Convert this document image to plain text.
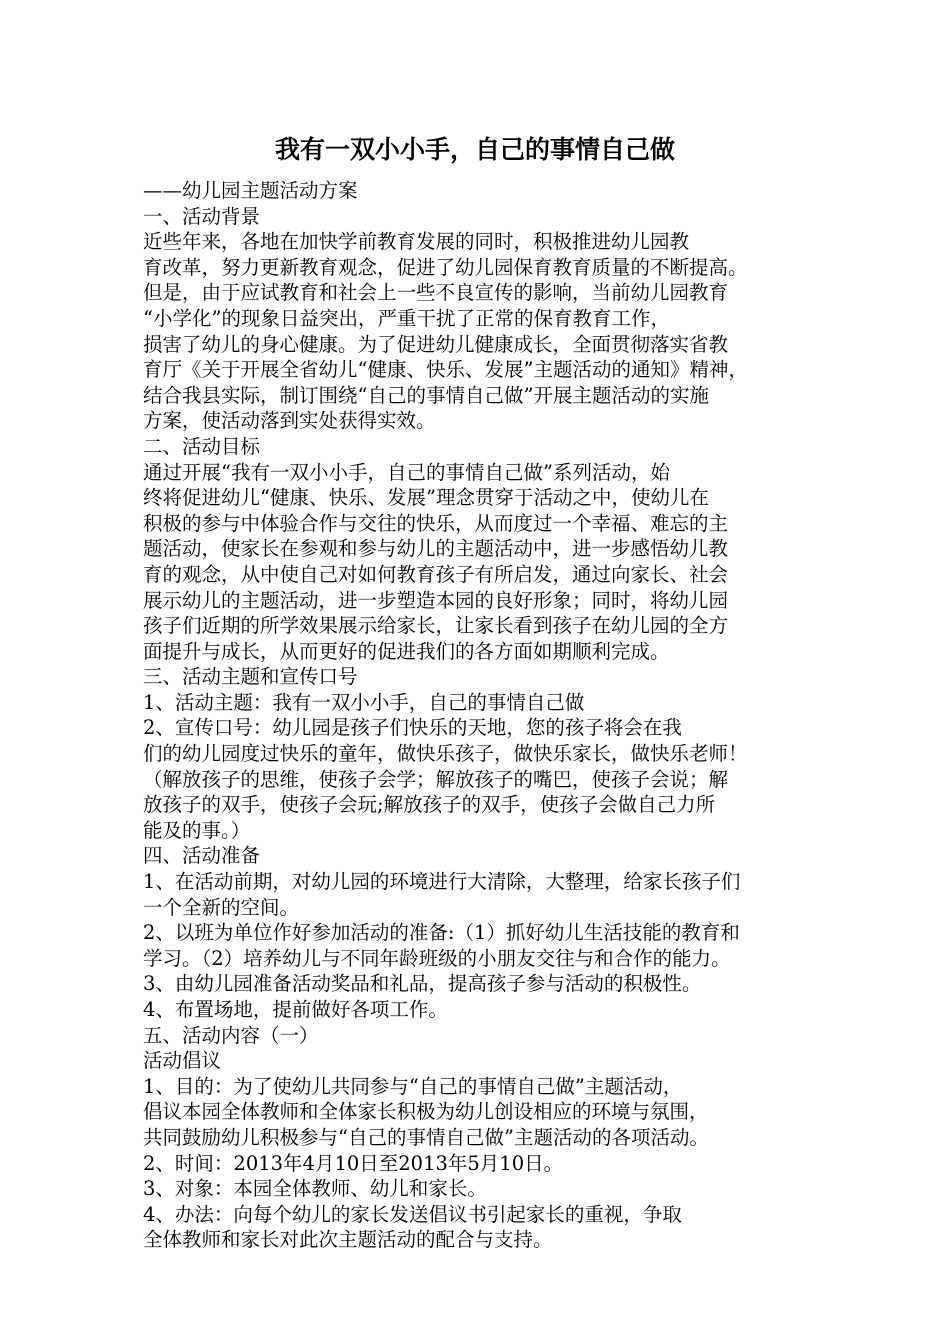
我有一双小小手，自己的事情自己做
——幼儿园主题活动方案
一、活动背景
近些年来，各地在加快学前教育发展的同时，积极推进幼儿园教
育改革，努力更新教育观念，促进了幼儿园保育教育质量的不断提高。
但是，由于应试教育和社会上一些不良宣传的影响，当前幼儿园教育
“小学化”的现象日益突出，严重干扰了正常的保育教育工作，
损害了幼儿的身心健康。为了促进幼儿健康成长，全面贯彻落实省教
育厅《关于开展全省幼儿“健康、快乐、发展”主题活动的通知》精神，
结合我县实际，制订围绕“自己的事情自己做”开展主题活动的实施
方案，使活动落到实处获得实效。
二、活动目标
通过开展“我有一双小小手，自己的事情自己做”系列活动，始
终将促进幼儿“健康、快乐、发展”理念贯穿于活动之中，使幼儿在
积极的参与中体验合作与交往的快乐，从而度过一个幸福、难忘的主
题活动，使家长在参观和参与幼儿的主题活动中，进一步感悟幼儿教
育的观念，从中使自己对如何教育孩子有所启发，通过向家长、社会
展示幼儿的主题活动，进一步塑造本园的良好形象；同时，将幼儿园
孩子们近期的所学效果展示给家长，让家长看到孩子在幼儿园的全方
面提升与成长，从而更好的促进我们的各方面如期顺利完成。
三、活动主题和宣传口号
1、活动主题：我有一双小小手，自己的事情自己做
2、宣传口号：幼儿园是孩子们快乐的天地，您的孩子将会在我
们的幼儿园度过快乐的童年，做快乐孩子，做快乐家长，做快乐老师！
（解放孩子的思维，使孩子会学；解放孩子的嘴巴，使孩子会说；解
放孩子的双手，使孩子会玩;解放孩子的双手，使孩子会做自己力所
能及的事。）
四、活动准备
1、在活动前期，对幼儿园的环境进行大清除，大整理，给家长孩子们
一个全新的空间。
2、以班为单位作好参加活动的准备:（1）抓好幼儿生活技能的教育和
学习。（2）培养幼儿与不同年龄班级的小朋友交往与和合作的能力。
3、由幼儿园准备活动奖品和礼品，提高孩子参与活动的积极性。
4、布置场地，提前做好各项工作。
五、活动内容（一）
活动倡议
1、目的：为了使幼儿共同参与“自己的事情自己做”主题活动，
倡议本园全体教师和全体家长积极为幼儿创设相应的环境与氛围，
共同鼓励幼儿积极参与“自己的事情自己做”主题活动的各项活动。
2、时间：2013年4月10日至2013年5月10日。
3、对象：本园全体教师、幼儿和家长。
4、办法：向每个幼儿的家长发送倡议书引起家长的重视，争取
全体教师和家长对此次主题活动的配合与支持。
